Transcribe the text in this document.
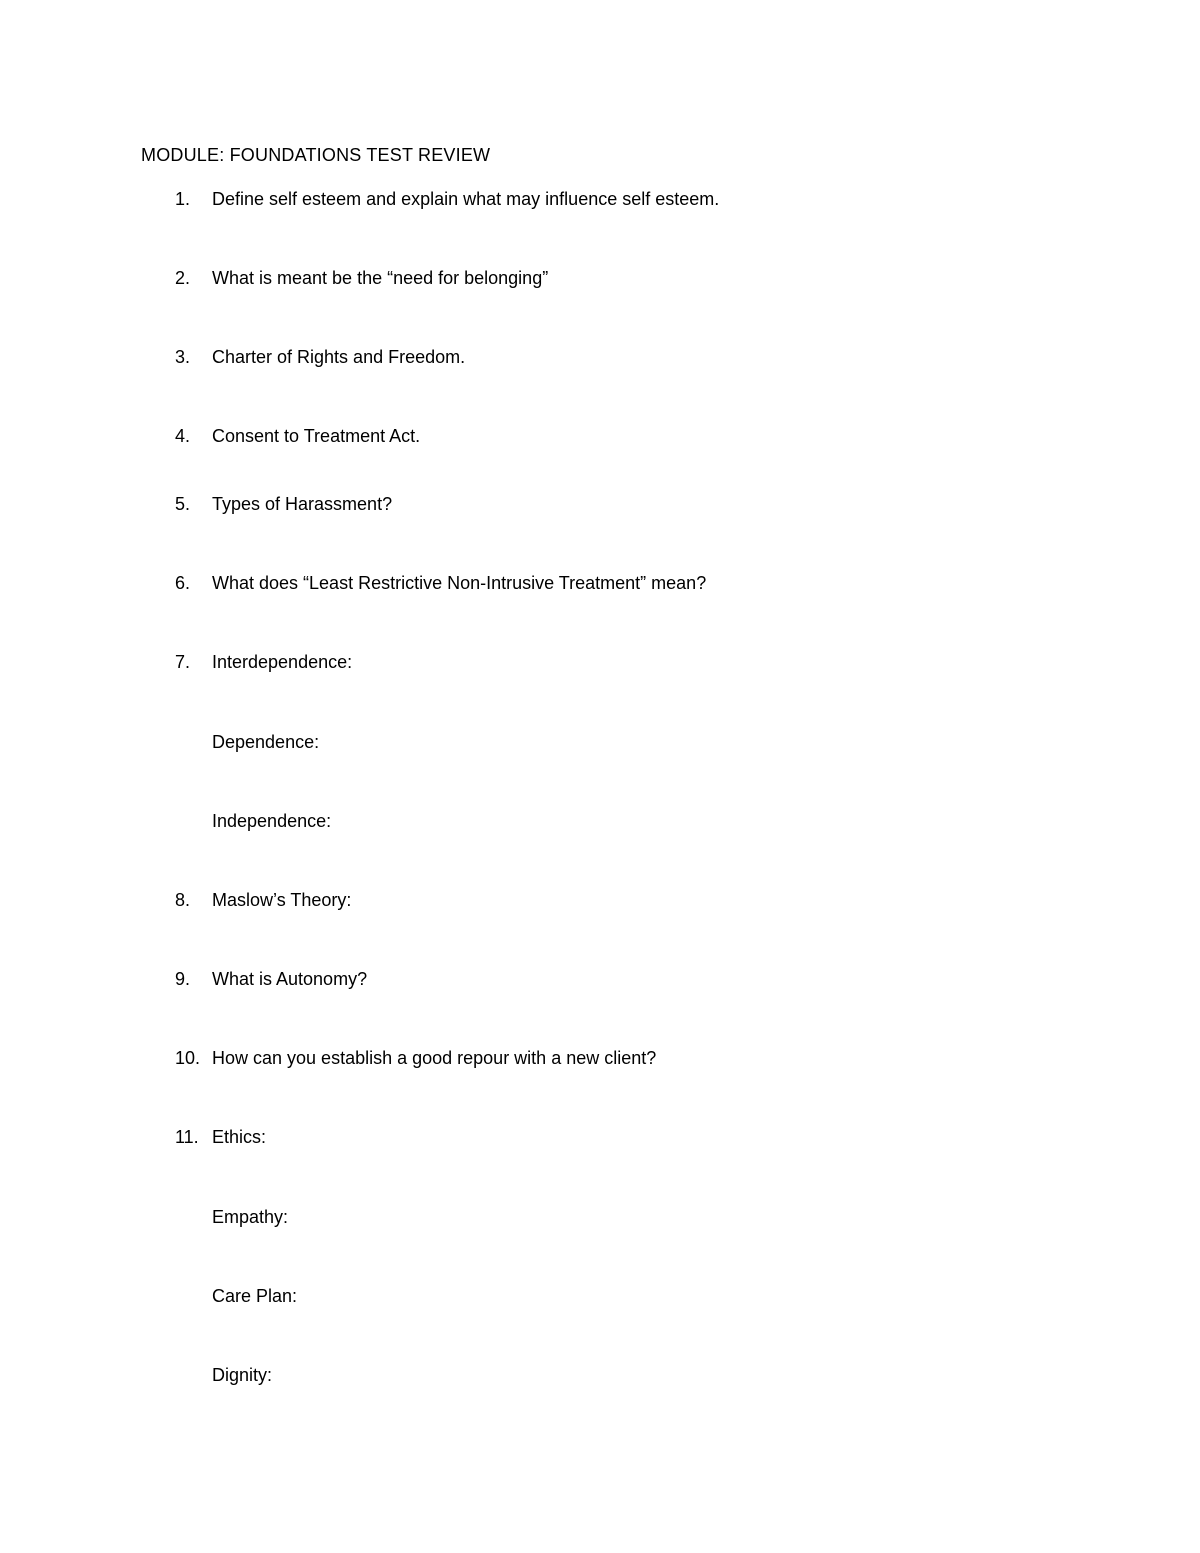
MODULE: FOUNDATIONS TEST REVIEW
1. Define self esteem and explain what may influence self esteem.
2. What is meant be the “need for belonging”
3. Charter of Rights and Freedom.
4. Consent to Treatment Act.
5. Types of Harassment?
6. What does “Least Restrictive Non-Intrusive Treatment” mean?
7. Interdependence:
Dependence:
Independence:
8. Maslow’s Theory:
9. What is Autonomy?
10. How can you establish a good repour with a new client?
11. Ethics:
Empathy:
Care Plan:
Dignity:
